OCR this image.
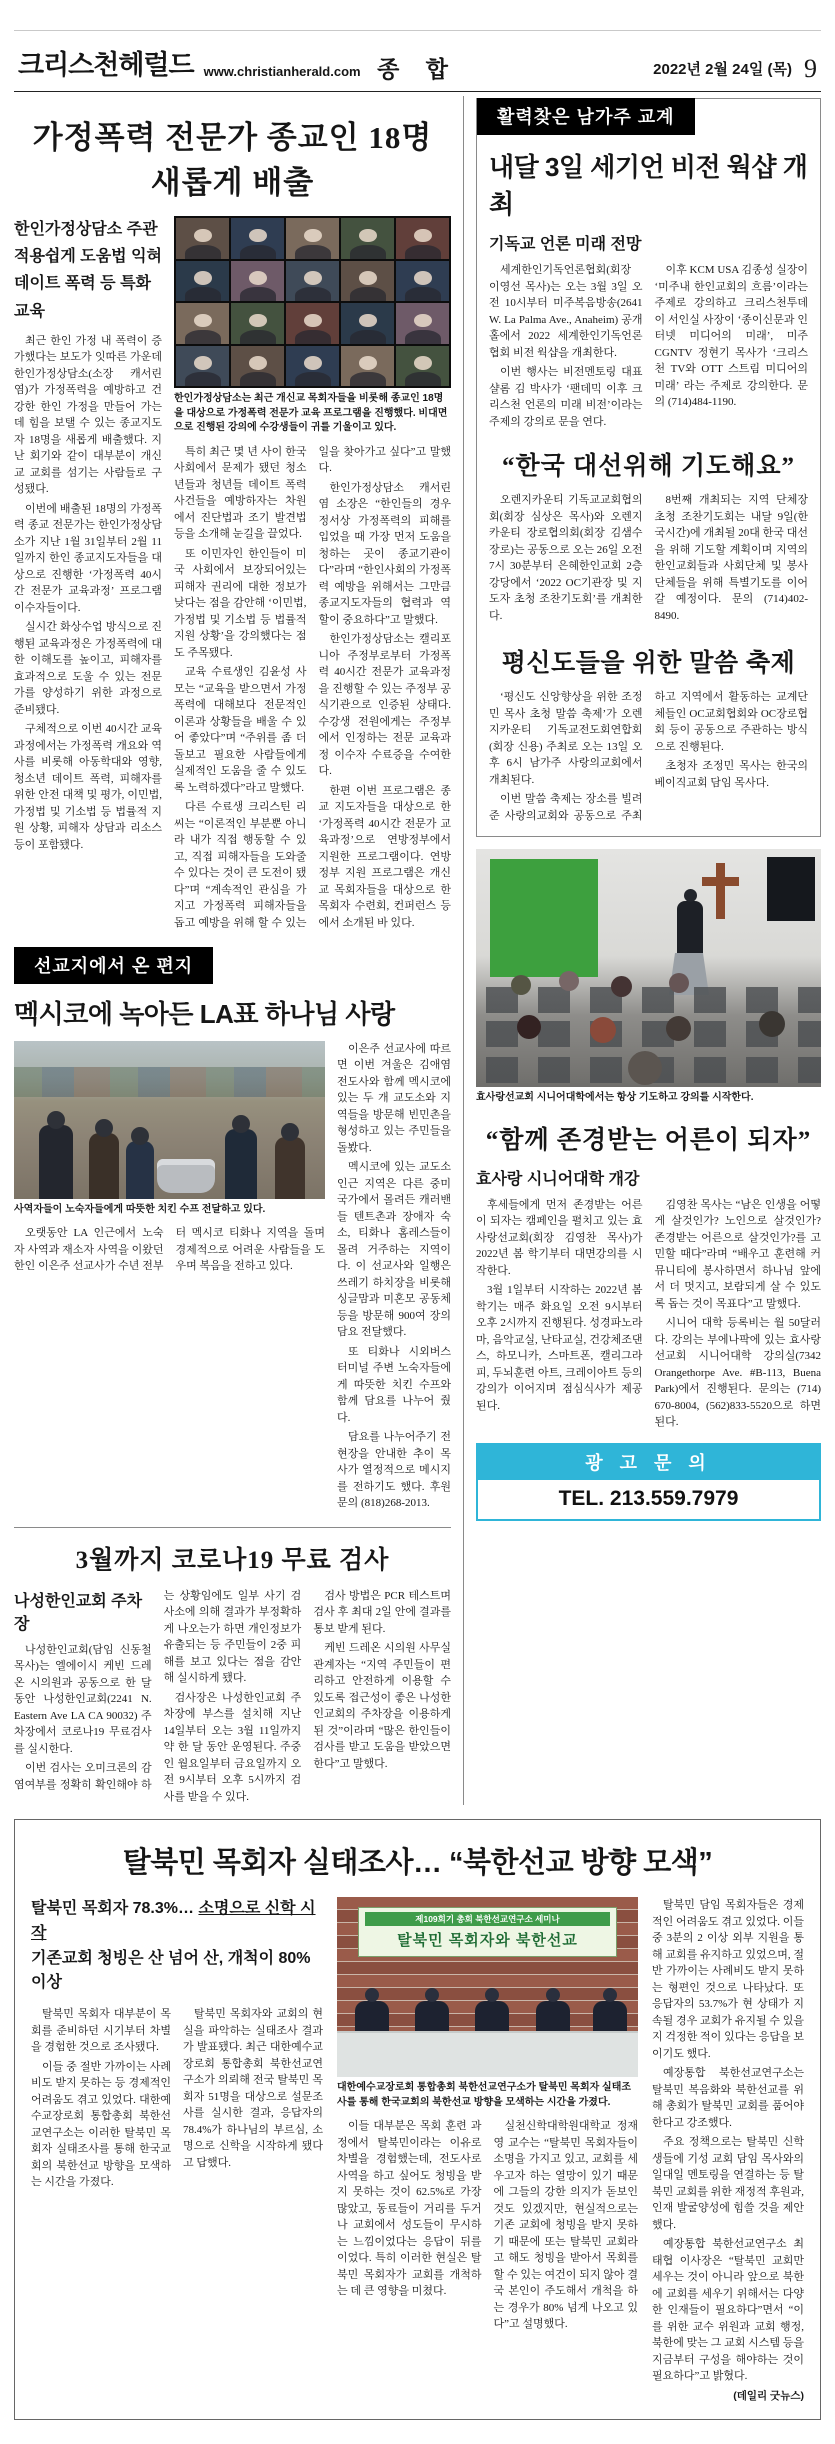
크리스천헤럴드 www.christianherald.com 종 합	2022년 2월 24일 (목) 9
가정폭력 전문가 종교인 18명 새롭게 배출
한인가정상담소 주관
적용쉽게 도움법 익혀
데이트 폭력 등 특화교육

최근 한인 가정 내 폭력이 증가했다는 보도가 잇따른 가운데 한인가정상담소(소장 캐서린 염)가 가정폭력을 예방하고 건강한 한인 가정을 만들어 가는데 힘을 보탤 수 있는 종교지도자 18명을 새롭게 배출했다. 지난 회기와 같이 대부분이 개신교 교회를 섬기는 사람들로 구성됐다.

이번에 배출된 18명의 가정폭력 종교 전문가는 한인가정상담소가 지난 1월 31일부터 2월 11일까지 한인 종교지도자들을 대상으로 진행한 ‘가정폭력 40시간 전문가 교육과정’ 프로그램 이수자들이다.

실시간 화상수업 방식으로 진행된 교육과정은 가정폭력에 대한 이해도를 높이고, 피해자를 효과적으로 도울 수 있는 전문가를 양성하기 위한 과정으로 준비됐다.

구체적으로 이번 40시간 교육과정에서는 가정폭력 개요와 역사를 비롯해 아동학대와 영향, 청소년 데이트 폭력, 피해자를 위한 안전 대책 및 평가, 이민법, 가정법 및 기소법 등 법률적 지원 상황, 피해자 상담과 리소스 등이 포함됐다.

한인가정상담소는 최근 개신교 목회자들을 비롯해 종교인 18명을 대상으로 가정폭력 전문가 교육 프로그램을 진행했다. 비대면으로 진행된 강의에 수강생들이 귀를 기울이고 있다.

특히 최근 몇 년 사이 한국 사회에서 문제가 됐던 청소년들과 청년들 데이트 폭력사건들을 예방하자는 차원에서 진단법과 조기 발견법 등을 소개해 눈길을 끌었다.

또 이민자인 한인들이 미국 사회에서 보장되어있는 피해자 권리에 대한 정보가 낮다는 점을 감안해 ‘이민법, 가정법 및 기소법 등 법률적 지원 상황’을 강의했다는 점도 주목됐다.

교육 수료생인 김윤성 사모는 “교육을 받으면서 가정폭력에 대해보다 전문적인 이론과 상황들을 배울 수 있어 좋았다”며 “주위를 좀 더 돌보고 필요한 사람들에게 실제적인 도움을 줄 수 있도록 노력하겠다”라고 말했다.

다른 수료생 크리스틴 리 씨는 “이론적인 부분뿐 아니라 내가 직접 행동할 수 있고, 직접 피해자들을 도와줄 수 있다는 것이 큰 도전이 됐다”며 “계속적인 관심을 가지고 가정폭력 피해자들을 돕고 예방을 위해 할 수 있는 일을 찾아가고 싶다”고 말했다.

한인가정상담소 캐서린 염 소장은 “한인들의 경우 정서상 가정폭력의 피해를 입었을 때 가장 먼저 도움을 청하는 곳이 종교기관이다”라며 “한인사회의 가정폭력 예방을 위해서는 그만큼 종교지도자들의 협력과 역할이 중요하다”고 말했다.

한인가정상담소는 캘리포니아 주정부로부터 가정폭력 40시간 전문가 교육과정을 진행할 수 있는 주정부 공식기관으로 인증된 상태다. 수강생 전원에게는 주정부에서 인정하는 전문 교육과정 이수자 수료증을 수여한다.

한편 이번 프로그램은 종교 지도자들을 대상으로 한 ‘가정폭력 40시간 전문가 교육과정’으로 연방정부에서 지원한 프로그램이다. 연방정부 지원 프로그램은 개신교 목회자들을 대상으로 한 목회자 수련회, 컨퍼런스 등에서 소개된 바 있다.

선교지에서 온 편지
멕시코에 녹아든 LA표 하나님 사랑
사역자들이 노숙자들에게 따뜻한 치킨 수프 전달하고 있다.

오랫동안 LA 인근에서 노숙자 사역과 재소자 사역을 이왔던 한인 이은주 선교사가 수년 전부터 멕시코 티화나 지역을 돌며 경제적으로 어려운 사람들을 도우며 복음을 전하고 있다.

이은주 선교사에 따르면 이번 겨울은 김애염 전도사와 함께 멕시코에 있는 두 개 교도소와 지역들을 방문해 빈민촌을 형성하고 있는 주민들을 돌봤다.

멕시코에 있는 교도소 인근 지역은 다른 중미 국가에서 몰려든 캐러밴들 텐트촌과 장애자 숙소, 티화나 홈레스들이 몰려 거주하는 지역이다. 이 선교사와 일행은 쓰레기 하치장을 비롯해 싱글맘과 미혼모 공동체 등을 방문해 900여 장의 담요 전달했다.

또 티화나 시외버스 터미널 주변 노숙자들에게 따뜻한 치킨 수프와 함께 담요를 나누어 줬다.

담요를 나누어주기 전 현장을 안내한 추이 목사가 열정적으로 메시지를 전하기도 했다. 후원문의 (818)268-2013.

3월까지 코로나19 무료 검사
나성한인교회 주차장

나성한인교회(담임 신동철 목사)는 엘에이시 케빈 드레온 시의원과 공동으로 한 달 동안 나성한인교회(2241 N. Eastern Ave LA CA 90032) 주차장에서 코로나19 무료검사를 실시한다.

이번 검사는 오미크론의 감염여부를 정확히 확인해야 하는 상황임에도 일부 사기 검사소에 의해 결과가 부정확하게 나오는가 하면 개인정보가 유출되는 등 주민들이 2중 피해를 보고 있다는 점을 감안해 실시하게 됐다.

검사장은 나성한인교회 주차장에 부스를 설치해 지난 14일부터 오는 3월 11일까지 약 한 달 동안 운영된다. 주중인 월요일부터 금요일까지 오전 9시부터 오후 5시까지 검사를 받을 수 있다.

검사 방법은 PCR 테스트며 검사 후 최대 2일 안에 결과를 통보 받게 된다.

케빈 드레온 시의원 사무실 관계자는 “지역 주민들이 편리하고 안전하게 이용할 수 있도록 접근성이 좋은 나성한인교회의 주차장을 이용하게 된 것”이라며 “많은 한인들이 검사를 받고 도움을 받았으면 한다”고 말했다.

활력찾은 남가주 교계
내달 3일 세기언 비전 웍샵 개최
기독교 언론 미래 전망

세계한인기독언론협회(회장 이영선 목사)는 오는 3월 3일 오전 10시부터 미주복음방송(2641 W. La Palma Ave., Anaheim) 공개홀에서 2022 세계한인기독언론협회 비전 웍샵을 개최한다.

이번 행사는 비전멘토링 대표 샬롬 김 박사가 ‘팬데믹 이후 크리스천 언론의 미래 비전’이라는 주제의 강의로 문을 연다.

이후 KCM USA 김종성 실장이 ‘미주내 한인교회의 흐름’이라는 주제로 강의하고 크리스천투데이 서인실 사장이 ‘종이신문과 인터넷 미디어의 미래’, 미주 CGNTV 정현기 목사가 ‘크리스천 TV와 OTT 스트림 미디어의 미래’ 라는 주제로 강의한다. 문의 (714)484-1190.

“한국 대선위해 기도해요”

오렌지카운티 기독교교회협의회(회장 심상은 목사)와 오렌지카운티 장로협의회(회장 김샘수 장로)는 공동으로 오는 26일 오전 7시 30분부터 은혜한인교회 2층 강당에서 ‘2022 OC기관장 및 지도자 초청 조찬기도회’를 개최한다.

8번째 개최되는 지역 단체장 초청 조찬기도회는 내달 9일(한국시간)에 개최될 20대 한국 대선을 위해 기도할 계획이며 지역의 한인교회들과 사회단체 및 봉사단체들을 위해 특별기도를 이어갈 예정이다. 문의 (714)402-8490.

평신도들을 위한 말씀 축제

‘평신도 신앙향상을 위한 조정민 목사 초청 말씀 축제’가 오렌지카운티 기독교전도회연합회(회장 신용) 주최로 오는 13일 오후 6시 남가주 사랑의교회에서 개최된다.

이번 말씀 축제는 장소를 빌려준 사랑의교회와 공동으로 주최하고 지역에서 활동하는 교계단체들인 OC교회협회와 OC장로협회 등이 공동으로 주관하는 방식으로 진행된다.

초청자 조정민 목사는 한국의 베이직교회 담임 목사다.

효사랑선교회 시니어대학에서는 항상 기도하고 강의를 시작한다.
“함께 존경받는 어른이 되자”
효사랑 시니어대학 개강

후세들에게 먼저 존경받는 어른이 되자는 캠페인을 펼치고 있는 효사랑선교회(회장 김영찬 목사)가 2022년 봄 학기부터 대면강의를 시작한다.

3월 1일부터 시작하는 2022년 봄학기는 매주 화요일 오전 9시부터 오후 2시까지 진행된다. 성경파노라마, 음악교실, 난타교실, 건강체조댄스, 하모니카, 스마트폰, 캘리그라피, 두뇌훈련 아트, 크레이아트 등의 강의가 이어지며 점심식사가 제공된다.

김영찬 목사는 “남은 인생을 어떻게 살것인가? 노인으로 살것인가? 존경받는 어른으로 살것인가?를 고민할 때다”라며 “배우고 훈련해 커뮤니티에 봉사하면서 하나님 앞에서 더 멋지고, 보람되게 살 수 있도록 돕는 것이 목표다”고 말했다.

시니어 대학 등록비는 월 50달러다. 강의는 부에나팍에 있는 효사랑선교회 시니어대학 강의실(7342 Orangethorpe Ave. #B-113, Buena Park)에서 진행된다. 문의는 (714) 670-8004, (562)833-5520으로 하면된다.

광 고 문 의
TEL. 213.559.7979
탈북민 목회자 실태조사… “북한선교 방향 모색”
탈북민 목회자 78.3%… 소명으로 신학 시작
기존교회 청빙은 산 넘어 산, 개척이 80% 이상

탈북민 목회자 대부분이 목회를 준비하던 시기부터 차별을 경험한 것으로 조사됐다.

이들 중 절반 가까이는 사례비도 받지 못하는 등 경제적인 어려움도 겪고 있었다. 대한예수교장로회 통합총회 북한선교연구소는 이러한 탈북민 목회자 실태조사를 통해 한국교회의 북한선교 방향을 모색하는 시간을 가졌다.

탈북민 목회자와 교회의 현실을 파악하는 실태조사 결과가 발표됐다. 최근 대한예수교장로회 통합총회 북한선교연구소가 의뢰해 전국 탈북민 목회자 51명을 대상으로 설문조사를 실시한 결과, 응답자의 78.4%가 하나님의 부르심, 소명으로 신학을 시작하게 됐다고 답했다.

제109회기 총회 북한선교연구소 세미나
탈북민 목회자와 북한선교
대한예수교장로회 통합총회 북한선교연구소가 탈북민 목회자 실태조사를 통해 한국교회의 북한선교 방향을 모색하는 시간을 가졌다.

이들 대부분은 목회 훈련 과정에서 탈북민이라는 이유로 차별을 경험했는데, 전도사로 사역을 하고 싶어도 청빙을 받지 못하는 것이 62.5%로 가장 많았고, 동료들이 거리를 두거나 교회에서 성도들이 무시하는 느낌이었다는 응답이 뒤를 이었다. 특히 이러한 현실은 탈북민 목회자가 교회를 개척하는 데 큰 영향을 미쳤다.

실천신학대학원대학교 정재영 교수는 “탈북민 목회자들이 소명을 가지고 있고, 교회를 세우고자 하는 열망이 있기 때문에 그들의 강한 의지가 돋보인 것도 있겠지만, 현실적으로는 기존 교회에 청빙을 받지 못하기 때문에 또는 탈북민 교회라고 해도 청빙을 받아서 목회를 할 수 있는 여건이 되지 않아 결국 본인이 주도해서 개척을 하는 경우가 80% 넘게 나오고 있다”고 설명했다.

탈북민 담임 목회자들은 경제적인 어려움도 겪고 있었다. 이들 중 3분의 2 이상 외부 지원을 통해 교회를 유지하고 있었으며, 절반 가까이는 사례비도 받지 못하는 형편인 것으로 나타났다. 또 응답자의 53.7%가 현 상태가 지속될 경우 교회가 유지될 수 있을지 걱정한 적이 있다는 응답을 보이기도 했다.

예장통합 북한선교연구소는 탈북민 복음화와 북한선교를 위해 총회가 탈북민 교회를 품어야 한다고 강조했다.

주요 정책으로는 탈북민 신학생들에 기성 교회 담임 목사와의 일대일 멘토링을 연결하는 등 탈북민 교회를 위한 재정적 후원과, 인재 발굴양성에 힘쓸 것을 제안했다.

예장통합 북한선교연구소 최태협 이사장은 “탈북민 교회만 세우는 것이 아니라 앞으로 북한에 교회를 세우기 위해서는 다양한 인재들이 필요하다”면서 “이를 위한 교수 위원과 교회 행정, 북한에 맞는 그 교회 시스템 등을 지금부터 구성을 해야하는 것이 필요하다”고 밝혔다.

(데일리 굿뉴스)
